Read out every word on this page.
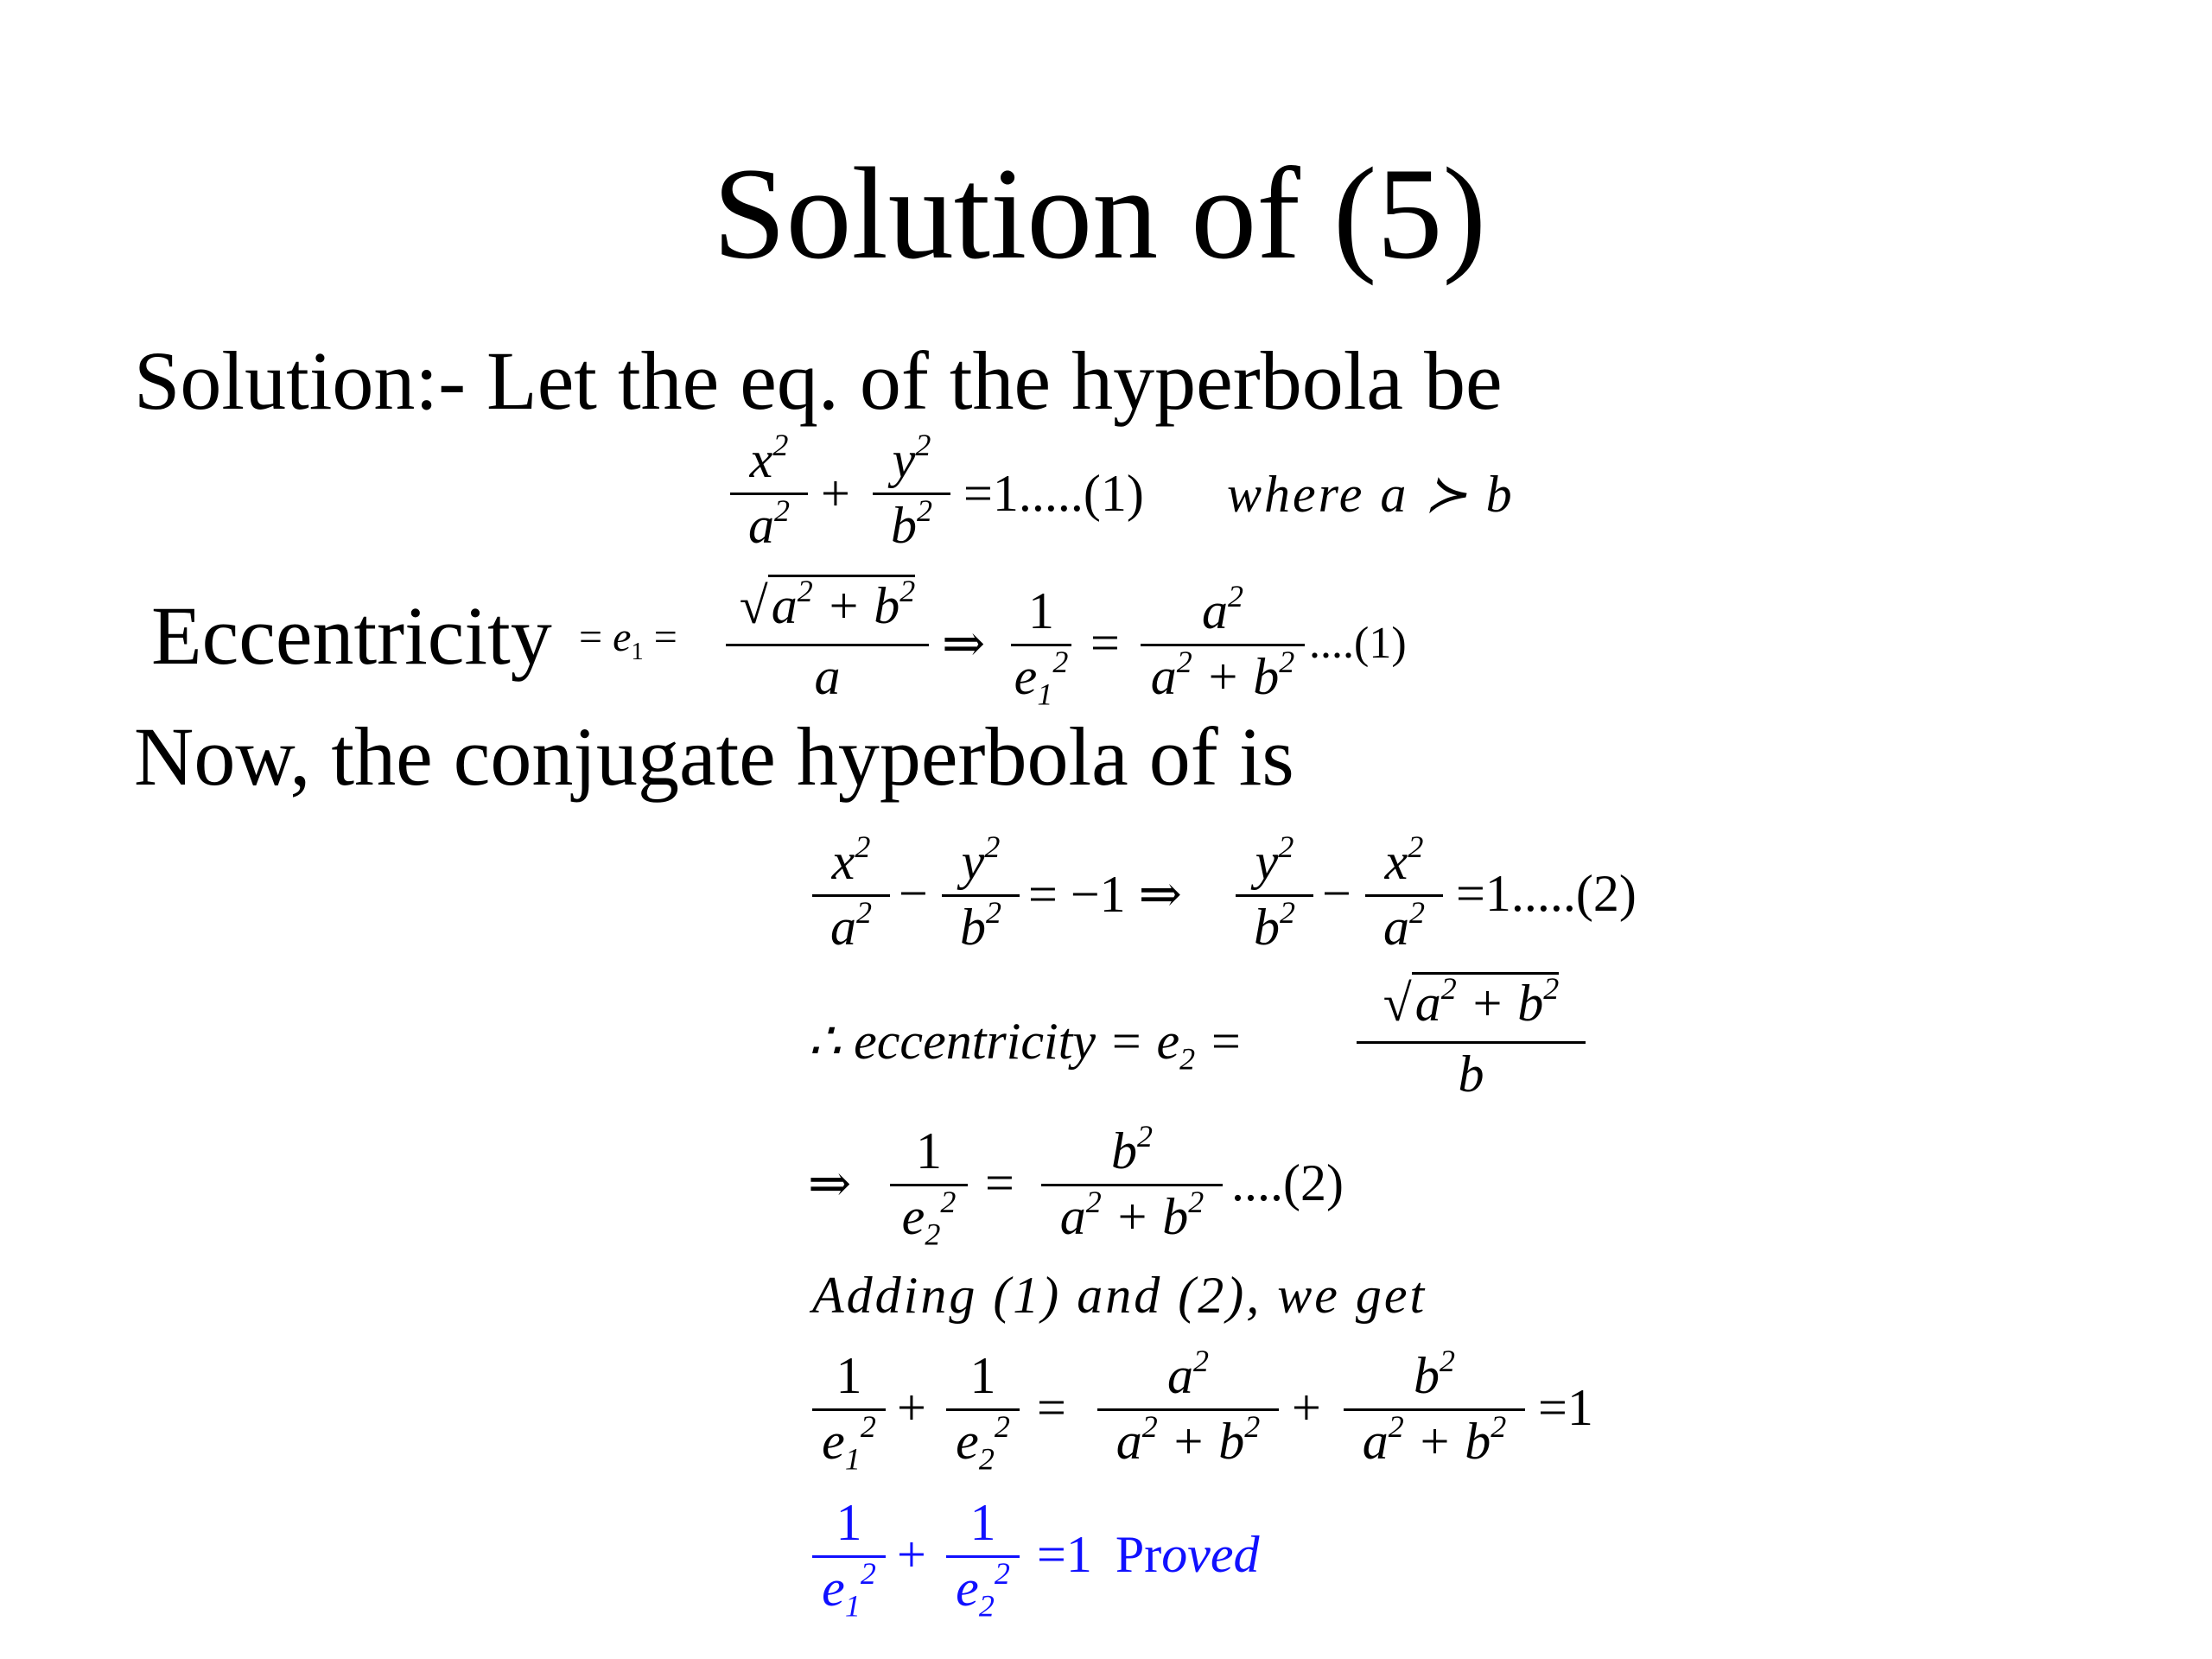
Solution of (5)
Solution:- Let the eq. of the hyperbola be
$x^2$
$a^2$ +
$y^2$
$b^2 =1.....(1)$ where a ≻ b
Eccentricity = $e_1$ =
$√a^2 + b^2$
a
⇒
1
$e_1^2$ =
$a^2$
$a^2 + b^2$ ....(1)
Now, the conjugate hyperbola of is
$x^2$
$a^2$ −
$y^2$
$b^2 = -1$ ⇒
$y^2$
$b^2$ −
$x^2$
$a^2 =1.....(2)$
∴ eccentricity = $e_2$ =
$√a^2 + b^2$
b
⇒
1
$e_2^2$ =
$b^2$
$a^2 + b^2$ ....(2)
Adding (1) and (2), we get
1
$e_1^2$ +
1
$e_2^2$ =
$a^2$
$a^2 + b^2$ +
$b^2$
$a^2 + b^2 =1$
1
$e_1^2$ +
1
$e_2^2 =1$ Proved
